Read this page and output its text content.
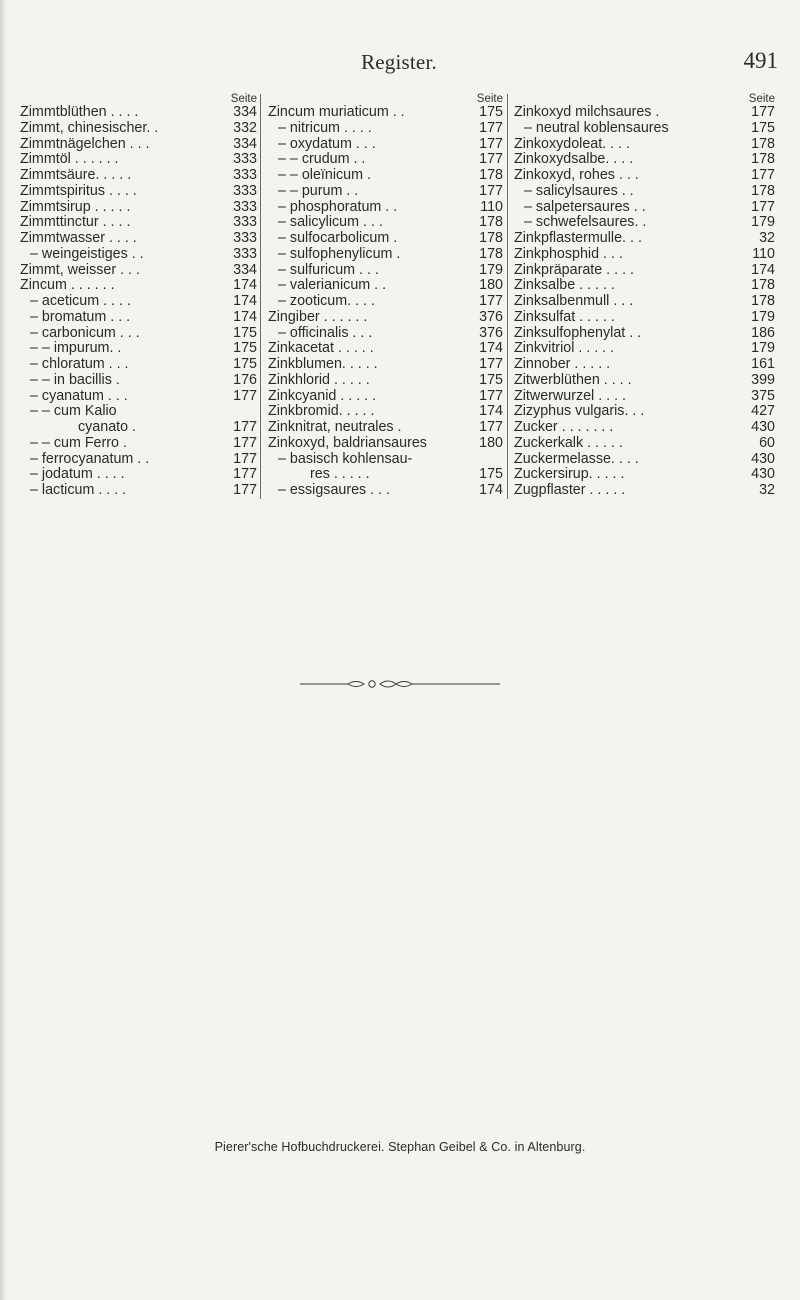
Register.	491
Seite
Zimmtblüthen . . . .	334
Zimmt, chinesischer. .	332
Zimmtnägelchen . . .	334
Zimmtöl . . . . . .	333
Zimmtsäure. . . . .	333
Zimmtspiritus . . . .	333
Zimmtsirup . . . . .	333
Zimmttinctur . . . .	333
Zimmtwasser . . . .	333
– weingeistiges . .	333
Zimmt, weisser . . .	334
Zincum . . . . . .	174
– aceticum . . . .	174
– bromatum . . .	174
– carbonicum . . .	175
– – impurum. .	175
– chloratum . . .	175
– – in bacillis .	176
– cyanatum . . .	177
– – cum Kalio
cyanato .	177
– – cum Ferro .	177
– ferrocyanatum . .	177
– jodatum . . . .	177
– lacticum . . . .	177
Seite
Zincum muriaticum . .	175
– nitricum . . . .	177
– oxydatum . . .	177
– – crudum . .	177
– – oleïnicum .	178
– – purum . .	177
– phosphoratum . .	110
– salicylicum . . .	178
– sulfocarbolicum .	178
– sulfophenylicum .	178
– sulfuricum . . .	179
– valerianicum . .	180
– zooticum. . . .	177
Zingiber . . . . . .	376
– officinalis . . .	376
Zinkacetat . . . . .	174
Zinkblumen. . . . .	177
Zinkhlorid . . . . .	175
Zinkcyanid . . . . .	177
Zinkbromid. . . . .	174
Zinknitrat, neutrales .	177
Zinkoxyd, baldriansaures	180
– basisch kohlensau-
res . . . . .	175
– essigsaures . . .	174
Seite
Zinkoxyd milchsaures .	177
– neutral koblensaures	175
Zinkoxydoleat. . . .	178
Zinkoxydsalbe. . . .	178
Zinkoxyd, rohes . . .	177
– salicylsaures . .	178
– salpetersaures . .	177
– schwefelsaures. .	179
Zinkpflastermulle. . .	32
Zinkphosphid . . .	110
Zinkpräparate . . . .	174
Zinksalbe . . . . .	178
Zinksalbenmull . . .	178
Zinksulfat . . . . .	179
Zinksulfophenylat . .	186
Zinkvitriol . . . . .	179
Zinnober . . . . .	161
Zitwerblüthen . . . .	399
Zitwerwurzel . . . .	375
Zizyphus vulgaris. . .	427
Zucker . . . . . . .	430
Zuckerkalk . . . . .	60
Zuckermelasse. . . .	430
Zuckersirup. . . . .	430
Zugpflaster . . . . .	32
Pierer'sche Hofbuchdruckerei. Stephan Geibel & Co. in Altenburg.
